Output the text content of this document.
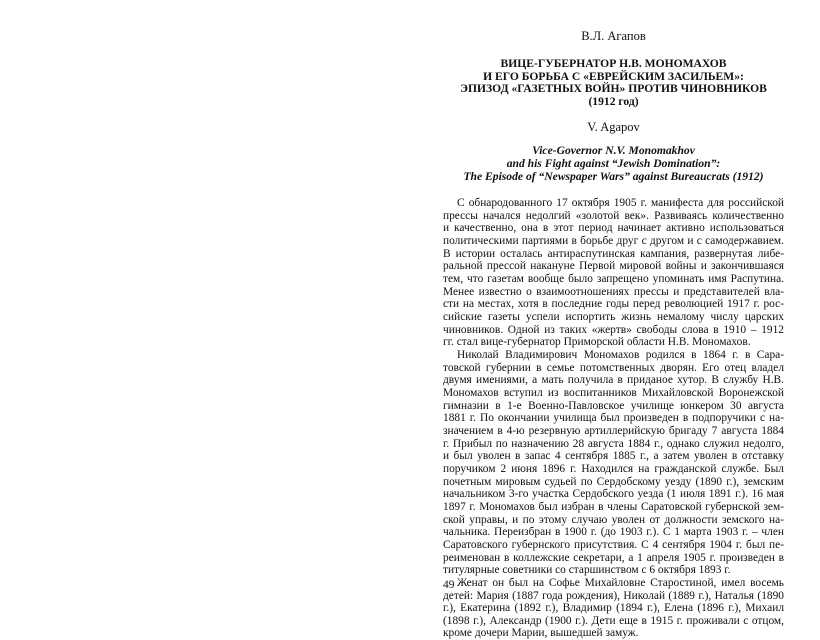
В.Л. Агапов
ВИЦЕ-ГУБЕРНАТОР Н.В. МОНОМАХОВ
И ЕГО БОРЬБА С «ЕВРЕЙСКИМ ЗАСИЛЬЕМ»:
ЭПИЗОД «ГАЗЕТНЫХ ВОЙН» ПРОТИВ ЧИНОВНИКОВ
(1912 год)
V. Agapov
Vice-Governor N.V. Monomakhov
and his Fight against “Jewish Domination”:
The Episode of “Newspaper Wars” against Bureaucrats (1912)
С обнародованного 17 октября 1905 г. манифеста для российской
прессы начался недолгий «золотой век». Развиваясь количественно
и качественно, она в этот период начинает активно использоваться
политическими партиями в борьбе друг с другом и с самодержавием.
В истории осталась антираспутинская кампания, развернутая либе-
ральной прессой накануне Первой мировой войны и закончившаяся
тем, что газетам вообще было запрещено упоминать имя Распутина.
Менее известно о взаимоотношениях прессы и представителей вла-
сти на местах, хотя в последние годы перед революцией 1917 г. рос-
сийские газеты успели испортить жизнь немалому числу царских
чиновников. Одной из таких «жертв» свободы слова в 1910 – 1912
гг. стал вице-губернатор Приморской области Н.В. Мономахов.
Николай Владимирович Мономахов родился в 1864 г. в Сара-
товской губернии в семье потомственных дворян. Его отец владел
двумя имениями, а мать получила в приданое хутор. В службу Н.В.
Мономахов вступил из воспитанников Михайловской Воронежской
гимназии в 1-е Военно-Павловское училище юнкером 30 августа
1881 г. По окончании училища был произведен в подпоручики с на-
значением в 4-ю резервную артиллерийскую бригаду 7 августа 1884
г. Прибыл по назначению 28 августа 1884 г., однако служил недолго,
и был уволен в запас 4 сентября 1885 г., а затем уволен в отставку
поручиком 2 июня 1896 г. Находился на гражданской службе. Был
почетным мировым судьей по Сердобскому уезду (1890 г.), земским
начальником 3-го участка Сердобского уезда (1 июля 1891 г.). 16 мая
1897 г. Мономахов был избран в члены Саратовской губернской зем-
ской управы, и по этому случаю уволен от должности земского на-
чальника. Переизбран в 1900 г. (до 1903 г.). С 1 марта 1903 г. – член
Саратовского губернского присутствия. С 4 сентября 1904 г. был пе-
реименован в коллежские секретари, а 1 апреля 1905 г. произведен в
титулярные советники со старшинством с 6 октября 1893 г.
Женат он был на Софье Михайловне Старостиной, имел восемь
детей: Мария (1887 года рождения), Николай (1889 г.), Наталья (1890
г.), Екатерина (1892 г.), Владимир (1894 г.), Елена (1896 г.), Михаил
(1898 г.), Александр (1900 г.). Дети еще в 1915 г. проживали с отцом,
кроме дочери Марии, вышедшей замуж.
49
